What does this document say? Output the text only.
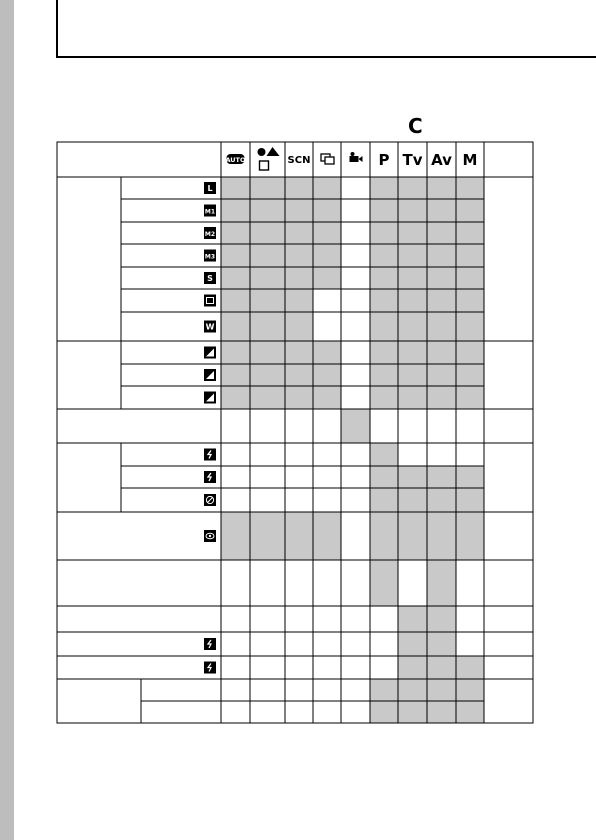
C
AUTO	SCN	P Tv Av M
L
M1
M2
M3
S
W
